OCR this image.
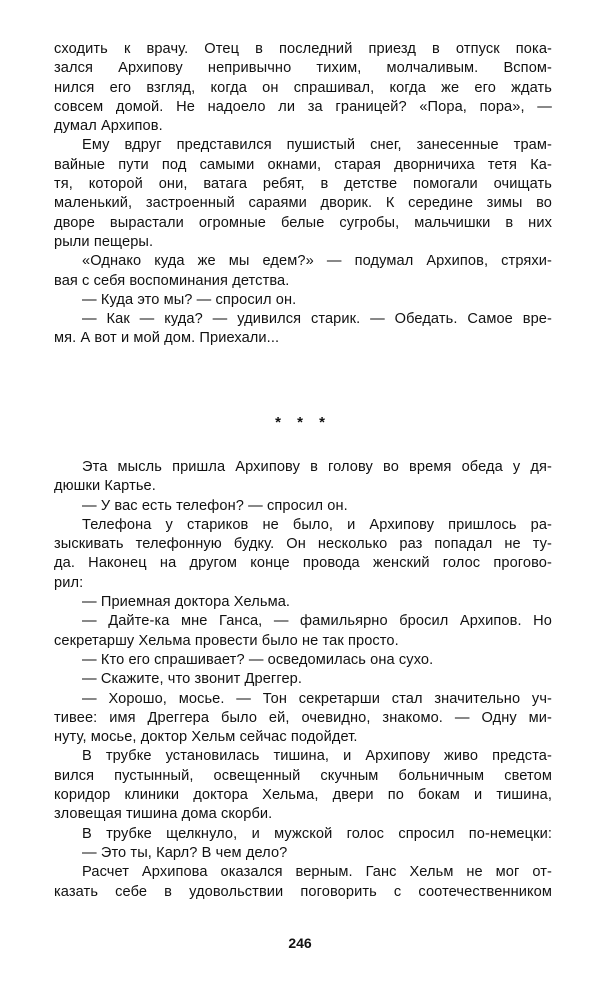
сходить к врачу. Отец в последний приезд в отпуск пока-
зался Архипову непривычно тихим, молчаливым. Вспом-
нился его взгляд, когда он спрашивал, когда же его ждать
совсем домой. Не надоело ли за границей? «Пора, пора», —
думал Архипов.
Ему вдруг представился пушистый снег, занесенные трам-
вайные пути под самыми окнами, старая дворничиха тетя Ка-
тя, которой они, ватага ребят, в детстве помогали очищать
маленький, застроенный сараями дворик. К середине зимы во
дворе вырастали огромные белые сугробы, мальчишки в них
рыли пещеры.
«Однако куда же мы едем?» — подумал Архипов, стряхи-
вая с себя воспоминания детства.
— Куда это мы? — спросил он.
— Как — куда? — удивился старик. — Обедать. Самое вре-
мя. А вот и мой дом. Приехали...
* * *
Эта мысль пришла Архипову в голову во время обеда у дя-
дюшки Картье.
— У вас есть телефон? — спросил он.
Телефона у стариков не было, и Архипову пришлось ра-
зыскивать телефонную будку. Он несколько раз попадал не ту-
да. Наконец на другом конце провода женский голос прогово-
рил:
— Приемная доктора Хельма.
— Дайте-ка мне Ганса, — фамильярно бросил Архипов. Но
секретаршу Хельма провести было не так просто.
— Кто его спрашивает? — осведомилась она сухо.
— Скажите, что звонит Дреггер.
— Хорошо, мосье. — Тон секретарши стал значительно уч-
тивее: имя Дреггера было ей, очевидно, знакомо. — Одну ми-
нуту, мосье, доктор Хельм сейчас подойдет.
В трубке установилась тишина, и Архипову живо предста-
вился пустынный, освещенный скучным больничным светом
коридор клиники доктора Хельма, двери по бокам и тишина,
зловещая тишина дома скорби.
В трубке щелкнуло, и мужской голос спросил по-немецки:
— Это ты, Карл? В чем дело?
Расчет Архипова оказался верным. Ганс Хельм не мог от-
казать себе в удовольствии поговорить с соотечественником
246
